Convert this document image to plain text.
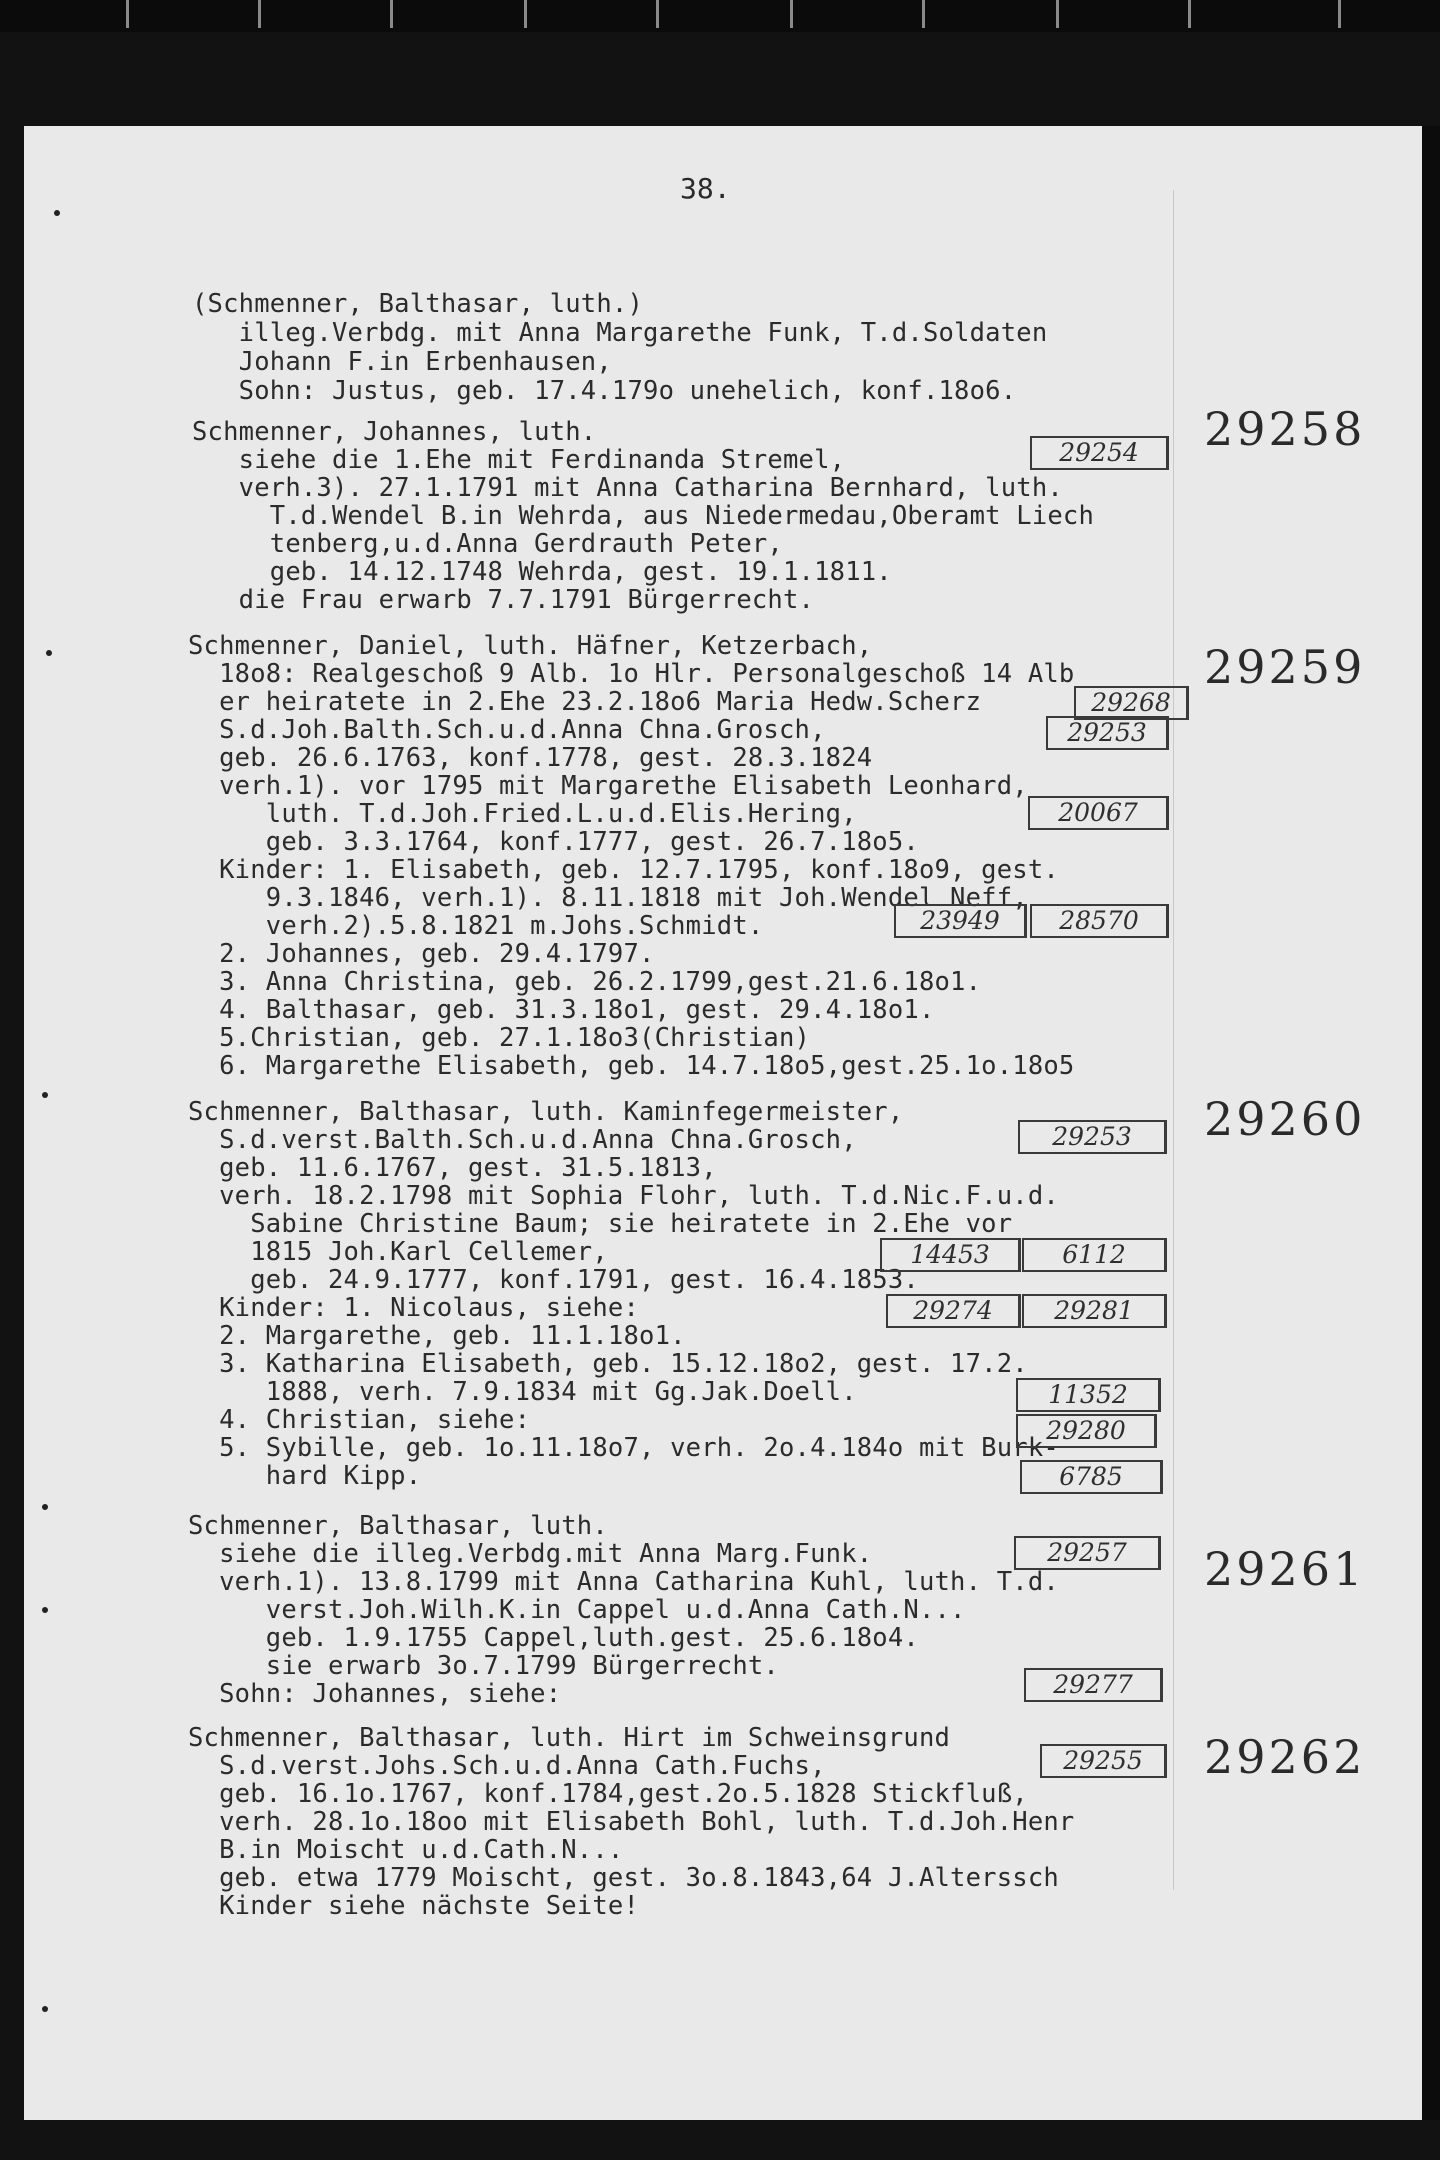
38.
(Schmenner, Balthasar, luth.)
illeg.Verbdg. mit Anna Margarethe Funk, T.d.Soldaten
Johann F.in Erbenhausen,
Sohn: Justus, geb. 17.4.179o unehelich, konf.18o6.
29258
Schmenner, Johannes, luth.
siehe die 1.Ehe mit Ferdinanda Stremel,
verh.3). 27.1.1791 mit Anna Catharina Bernhard, luth.
T.d.Wendel B.in Wehrda, aus Niedermedau,Oberamt Liech
tenberg,u.d.Anna Gerdrauth Peter,
geb. 14.12.1748 Wehrda, gest. 19.1.1811.
die Frau erwarb 7.7.1791 Bürgerrecht.
29254
29259
Schmenner, Daniel, luth. Häfner, Ketzerbach,
18o8: Realgeschoß 9 Alb. 1o Hlr. Personalgeschoß 14 Alb
er heiratete in 2.Ehe 23.2.18o6 Maria Hedw.Scherz
S.d.Joh.Balth.Sch.u.d.Anna Chna.Grosch,
geb. 26.6.1763, konf.1778, gest. 28.3.1824
verh.1). vor 1795 mit Margarethe Elisabeth Leonhard,
luth. T.d.Joh.Fried.L.u.d.Elis.Hering,
geb. 3.3.1764, konf.1777, gest. 26.7.18o5.
Kinder: 1. Elisabeth, geb. 12.7.1795, konf.18o9, gest.
9.3.1846, verh.1). 8.11.1818 mit Joh.Wendel Neff,
verh.2).5.8.1821 m.Johs.Schmidt.
2. Johannes, geb. 29.4.1797.
3. Anna Christina, geb. 26.2.1799,gest.21.6.18o1.
4. Balthasar, geb. 31.3.18o1, gest. 29.4.18o1.
5.Christian, geb. 27.1.18o3(Christian)
6. Margarethe Elisabeth, geb. 14.7.18o5,gest.25.1o.18o5
29268
29253
20067
23949	28570
29260
Schmenner, Balthasar, luth. Kaminfegermeister,
S.d.verst.Balth.Sch.u.d.Anna Chna.Grosch,
geb. 11.6.1767, gest. 31.5.1813,
verh. 18.2.1798 mit Sophia Flohr, luth. T.d.Nic.F.u.d.
Sabine Christine Baum; sie heiratete in 2.Ehe vor
1815 Joh.Karl Cellemer,
geb. 24.9.1777, konf.1791, gest. 16.4.1853.
Kinder: 1. Nicolaus, siehe:
2. Margarethe, geb. 11.1.18o1.
3. Katharina Elisabeth, geb. 15.12.18o2, gest. 17.2.
1888, verh. 7.9.1834 mit Gg.Jak.Doell.
4. Christian, siehe:
5. Sybille, geb. 1o.11.18o7, verh. 2o.4.184o mit Burk-
hard Kipp.
29253
14453	6112
29274	29281
11352
29280
6785
29261
Schmenner, Balthasar, luth.
siehe die illeg.Verbdg.mit Anna Marg.Funk.
verh.1). 13.8.1799 mit Anna Catharina Kuhl, luth. T.d.
verst.Joh.Wilh.K.in Cappel u.d.Anna Cath.N...
geb. 1.9.1755 Cappel,luth.gest. 25.6.18o4.
sie erwarb 3o.7.1799 Bürgerrecht.
Sohn: Johannes, siehe:
29257
29277
29262
Schmenner, Balthasar, luth. Hirt im Schweinsgrund
S.d.verst.Johs.Sch.u.d.Anna Cath.Fuchs,
geb. 16.1o.1767, konf.1784,gest.2o.5.1828 Stickfluß,
verh. 28.1o.18oo mit Elisabeth Bohl, luth. T.d.Joh.Henr
B.in Moischt u.d.Cath.N...
geb. etwa 1779 Moischt, gest. 3o.8.1843,64 J.Alterssch
Kinder siehe nächste Seite!
29255
